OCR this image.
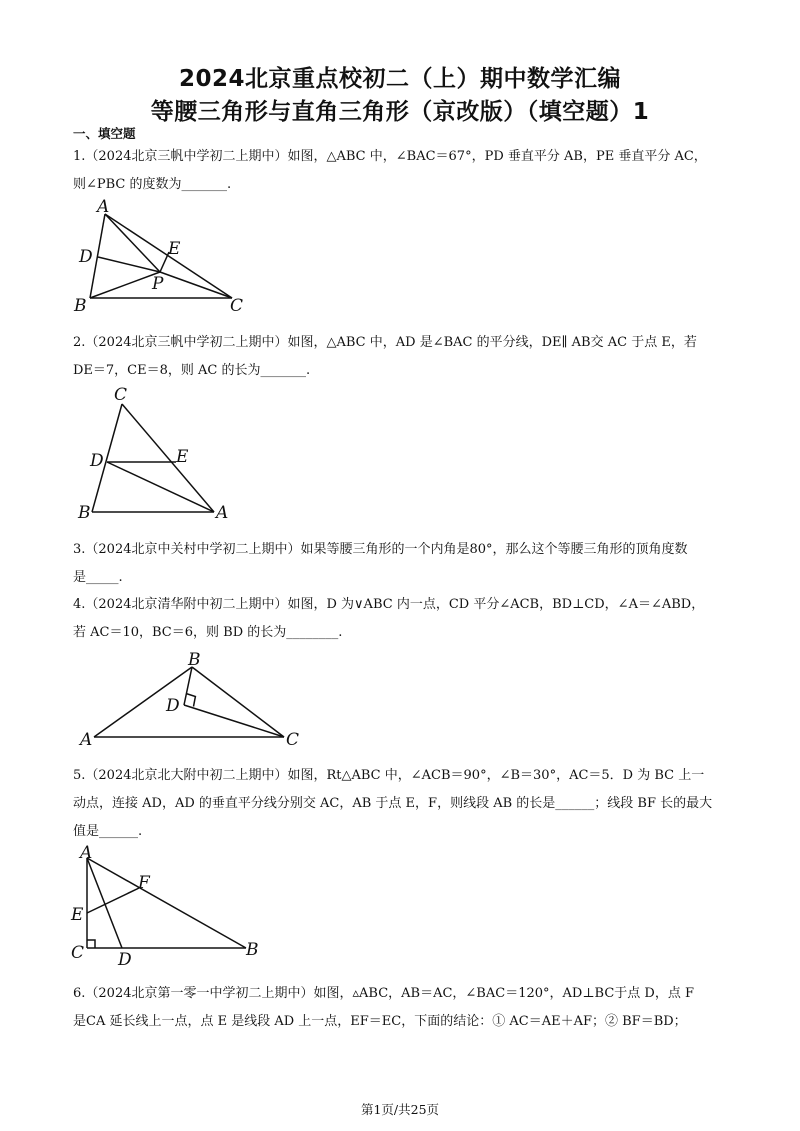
2024北京重点校初二（上）期中数学汇编
等腰三角形与直角三角形（京改版）（填空题）1
一、填空题
1.（2024北京三帆中学初二上期中）如图，△ABC 中，∠BAC＝67°，PD 垂直平分 AB，PE 垂直平分 AC，
则∠PBC 的度数为_______.
A
D	E
P
B	C
2.（2024北京三帆中学初二上期中）如图，△ABC 中，AD 是∠BAC 的平分线，DE∥ AB交 AC 于点 E，若
DE＝7，CE＝8，则 AC 的长为_______.
C
D	E
B	A
3.（2024北京中关村中学初二上期中）如果等腰三角形的一个内角是80°，那么这个等腰三角形的顶角度数
是_____.
4.（2024北京清华附中初二上期中）如图，D 为∨ABC 内一点，CD 平分∠ACB，BD⊥CD，∠A＝∠ABD，
若 AC＝10，BC＝6，则 BD 的长为________.
B
D
A	C
5.（2024北京北大附中初二上期中）如图，Rt△ABC 中，∠ACB＝90°，∠B＝30°，AC＝5．D 为 BC 上一
动点，连接 AD，AD 的垂直平分线分别交 AC，AB 于点 E，F，则线段 AB 的长是______；线段 BF 长的最大
值是______.
A
F
E
C D	B
6.（2024北京第一零一中学初二上期中）如图，▵ABC，AB＝AC，∠BAC＝120°，AD⊥BC于点 D，点 F
是CA 延长线上一点，点 E 是线段 AD 上一点，EF＝EC，下面的结论：① AC＝AE＋AF；② BF＝BD；
第1页/共25页
